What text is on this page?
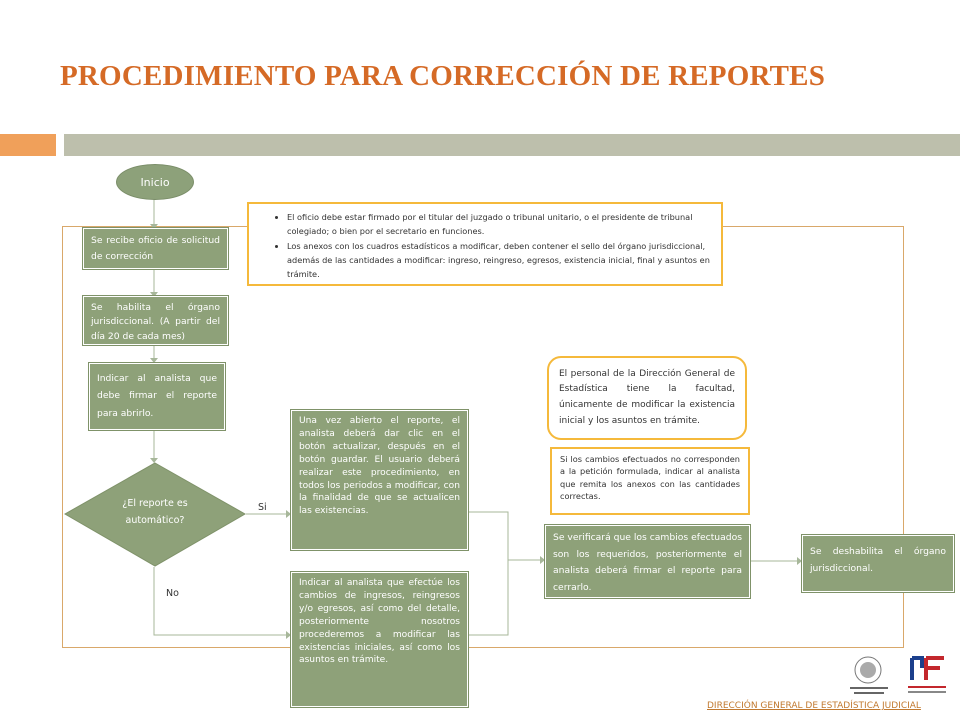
PROCEDIMIENTO PARA CORRECCIÓN DE REPORTES
Inicio
Se recibe oficio de solicitud de corrección
Se habilita el órgano jurisdiccional. (A partir del día 20 de cada mes)
Indicar al analista que debe firmar el reporte para abrirlo.
¿El reporte es automático?
Si
No
Una vez abierto el reporte, el analista deberá dar clic en el botón actualizar, después en el botón guardar. El usuario deberá realizar este procedimiento, en todos los periodos a modificar, con la finalidad de que se actualicen las existencias.
Indicar al analista que efectúe los cambios de ingresos, reingresos y/o egresos, así como del detalle, posteriormente nosotros procederemos a modificar las existencias iniciales, así como los asuntos en trámite.
Se verificará que los cambios efectuados son los requeridos, posteriormente el analista deberá firmar el reporte para cerrarlo.
Se deshabilita el órgano jurisdiccional.
• El oficio debe estar firmado por el titular del juzgado o tribunal unitario, o el presidente de tribunal colegiado; o bien por el secretario en funciones.
• Los anexos con los cuadros estadísticos a modificar, deben contener el sello del órgano jurisdiccional, además de las cantidades a modificar: ingreso, reingreso, egresos, existencia inicial, final y asuntos en trámite.
El personal de la Dirección General de Estadística tiene la facultad, únicamente de modificar la existencia inicial y los asuntos en trámite.
Si los cambios efectuados no corresponden a la petición formulada, indicar al analista que remita los anexos con las cantidades correctas.
DIRECCIÓN GENERAL DE ESTADÍSTICA JUDICIAL
